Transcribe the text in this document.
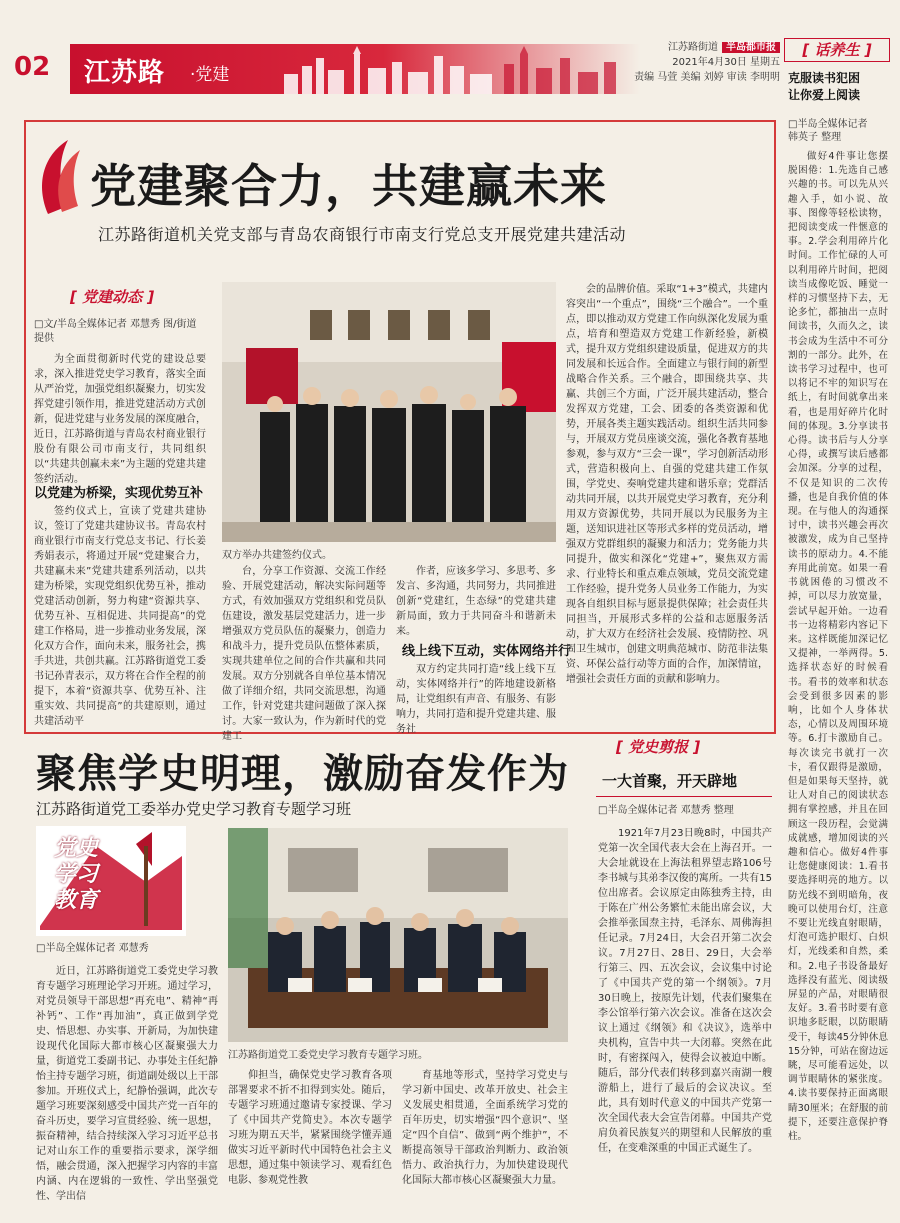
02 江苏路 ·党建
江苏路街道 半岛都市报
2021年4月30日 星期五
责编 马萱 美编 刘婷 审读 李明明
党建聚合力，共建赢未来
江苏路街道机关党支部与青岛农商银行市南支行党总支开展党建共建活动
[ 党建动态 ]
□文/半岛全媒体记者 邓慧秀 图/街道提供

为全面贯彻新时代党的建设总要求，深入推进党史学习教育，落实全面从严治党，加强党组织凝聚力，切实发挥党建引领作用，推进党建活动方式创新，促进党建与业务发展的深度融合，近日，江苏路街道与青岛农村商业银行股份有限公司市南支行，共同组织以“共建共创赢未来”为主题的党建共建签约活动。

以党建为桥梁，实现优势互补

签约仪式上，宣读了党建共建协议，签订了党建共建协议书。青岛农村商业银行市南支行党总支书记、行长姜秀娟表示，将通过开展“党建聚合力，共建赢未来”党建共建系列活动，以共建为桥梁，实现党组织优势互补，推动党建活动创新，努力构建“资源共享、优势互补、互相促进、共同提高”的党建工作格局，进一步推动业务发展，深化双方合作，面向未来，服务社会，携手共进，共创共赢。江苏路街道党工委书记孙青表示，双方将在合作全程的前提下，本着“资源共享、优势互补、注重实效、共同提高”的共建原则，通过共建活动平

双方举办共建签约仪式。

台，分享工作资源、交流工作经验、开展党建活动，解决实际问题等方式，有效加强双方党组织和党员队伍建设，激发基层党建活力，进一步增强双方党员队伍的凝聚力，创造力和战斗力，提升党员队伍整体素质，实现共建单位之间的合作共赢和共同发展。双方分别就各自单位基本情况做了详细介绍，共同交流思想，沟通工作，针对党建共建问题做了深入探讨。大家一致认为，作为新时代的党建工

作者，应该多学习、多思考、多发言、多沟通，共同努力，共同推进创新“党建红，生态绿”的党建共建新局面，致力于共同奋斗和谐新未来。

线上线下互动，实体网络并行

双方约定共同打造“线上线下互动，实体网络并行”的阵地建设新格局，让党组织有声音、有服务、有影响力，共同打造和提升党建共建、服务社

会的品牌价值。采取“1+3”模式，共建内容突出“一个重点”，围绕“三个融合”。一个重点，即以推动双方党建工作向纵深化发展为重点，培育和塑造双方党建工作新经验，新模式，提升双方党组织建设质量，促进双方的共同发展和长远合作。全面建立与银行间的新型战略合作关系。三个融合，即围绕共享、共赢、共创三个方面，广泛开展共建活动，整合发挥双方党建，工会、团委的各类资源和优势，开展各类主题实践活动。组织生活共同参与，开展双方党员座谈交流，强化各教育基地参观，参与双方“三会一课”，学习创新活动形式，营造积极向上、自强的党建共建工作氛围，学党史、奏响党建共建和谐乐章；党群活动共同开展，以共开展党史学习教育，充分利用双方资源优势，共同开展以为民服务为主题，送知识进社区等形式多样的党员活动，增强双方党群组织的凝聚力和活力；党务能力共同提升，做实和深化“党建+”，聚焦双方需求、行业特长和重点难点领域，党员交流党建工作经验，提升党务人员业务工作能力，为实现各自组织目标与愿景提供保障；社会责任共同担当，开展形式多样的公益和志愿服务活动，扩大双方在经济社会发展、疫情防控、巩固卫生城市，创建文明典范城市、防范非法集资、环保公益行动等方面的合作，加深情谊，增强社会责任方面的贡献和影响力。

聚焦学史明理，激励奋发作为
江苏路街道党工委举办党史学习教育专题学习班
党史
学习
教育
□半岛全媒体记者 邓慧秀

近日，江苏路街道党工委党史学习教育专题学习班理论学习开班。通过学习，对党员领导干部思想“再充电”、精神“再补钙”、工作“再加油”，真正做到学党史、悟思想、办实事、开新局，为加快建设现代化国际大都市核心区凝聚强大力量，街道党工委副书记、办事处主任纪静怡主持专题学习班，街道副处级以上干部参加。开班仪式上，纪静怡强调，此次专题学习班要深刻感受中国共产党一百年的奋斗历史，要学习宣贯经验、统一思想，振奋精神，结合持续深入学习习近平总书记对山东工作的重要指示要求，深学细悟，融会贯通，深入把握学习内容的丰富内涵、内在逻辑的一致性、学出坚强党性、学出信

江苏路街道党工委党史学习教育专题学习班。

仰担当，确保党史学习教育各项部署要求不折不扣得到实处。随后，专题学习班通过邀请专家授课、学习了《中国共产党简史》。本次专题学习班为期五天半，紧紧围绕学懂弄通做实习近平新时代中国特色社会主义思想，通过集中领读学习、观看红色电影、参观党性教

育基地等形式，坚持学习党史与学习新中国史、改革开放史、社会主义发展史相贯通，全面系统学习党的百年历史，切实增强“四个意识”、坚定“四个自信”、做到“两个维护”，不断提高领导干部政治判断力、政治领悟力、政治执行力，为加快建设现代化国际大都市核心区凝聚强大力量。

[ 党史剪报 ]
一大首聚，开天辟地
□半岛全媒体记者 邓慧秀 整理

1921年7月23日晚8时，中国共产党第一次全国代表大会在上海召开。一大会址就设在上海法租界望志路106号李书城与其弟李汉俊的寓所。一共有15位出席者。会议原定由陈独秀主持，由于陈在广州公务繁忙未能出席会议，大会推举张国焘主持，毛泽东、周佛海担任记录。7月24日，大会召开第二次会议。7月27日、28日、29日，大会举行第三、四、五次会议，会议集中讨论了《中国共产党的第一个纲领》。7月30日晚上，按原先计划，代表们聚集在李公馆举行第六次会议。准备在这次会议上通过《纲领》和《决议》，选举中央机构，宣告中共一大闭幕。突然在此时，有密探闯入，使得会议被迫中断。随后，部分代表们转移到嘉兴南湖一艘游船上，进行了最后的会议决议。至此，具有划时代意义的中国共产党第一次全国代表大会宣告闭幕。中国共产党肩负着民族复兴的期望和人民解放的重任，在变难深重的中国正式诞生了。

[ 话养生 ]
克服读书犯困
让你爱上阅读
□半岛全媒体记者
韩英子 整理

做好4件事让您摆脱困倦：1.先选自己感兴趣的书。可以先从兴趣入手，如小说、故事、图像等轻松读物，把阅读变成一件惬意的事。2.学会利用碎片化时间。工作忙碌的人可以利用碎片时间，把阅读当成像吃饭、睡觉一样的习惯坚持下去，无论多忙，都抽出一点时间读书，久而久之，读书会成为生活中不可分割的一部分。此外，在读书学习过程中，也可以将记不牢的知识写在纸上，有时间就拿出来看，也是用好碎片化时间的体现。3.分享读书心得。读书后与人分享心得，或撰写读后感都会加深。分享的过程，不仅是知识的二次传播，也是自我价值的体现。在与他人的沟通探讨中，读书兴趣会再次被激发，成为自己坚持读书的原动力。4.不能弃用此前宽。如果一看书就困倦的习惯改不掉，可以尽力放宽量，尝试早起开始。一边看书一边将精彩内容记下来。这样既能加深记忆又提神，一举两得。5.选择状态好的时候看书。看书的效率和状态会受到很多因素的影响，比如个人身体状态，心情以及周围环境等。6.打卡激励自己。每次读完书就打一次卡，看仅跟得是激励，但是如果每天坚持，就让人对自己的阅读状态拥有掌控感，并且在回顾这一段历程，会觉满成就感，增加阅读的兴趣和信心。做好4件事让您健康阅读：1.看书要选择明亮的地方。以防光线不到明暗角，夜晚可以使用台灯，注意不要让光线直射眼睛，灯泡可选护眼灯、白炽灯，光线柔和自然，柔和。2.电子书设备最好选择没有蓝光、阅读级屏显的产品，对眼睛很友好。3.看书时要有意识地多眨眼，以防眼睛受干，每读45分钟休息15分钟，可站在窗边远眺，尽可能看远处，以调节眼睛休的紧张度。4.读书要保持正面离眼睛30厘米；在舒服的前提下，还要注意保护脊柱。
